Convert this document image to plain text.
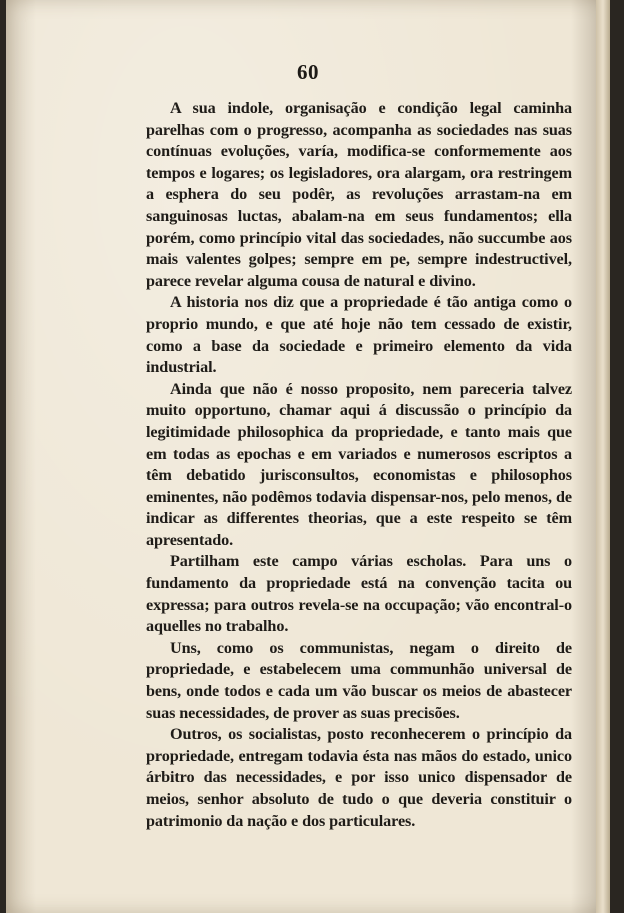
60

A sua indole, organisação e condição legal caminha parelhas com o progresso, acompanha as sociedades nas suas contínuas evoluções, varía, modifica-se conformemente aos tempos e logares; os legisladores, ora alargam, ora restringem a esphera do seu podêr, as revoluções arrastam-na em sanguinosas luctas, abalam-na em seus fundamentos; ella porém, como princípio vital das sociedades, não succumbe aos mais valentes golpes; sempre em pe, sempre indestructivel, parece revelar alguma cousa de natural e divino.

A historia nos diz que a propriedade é tão antiga como o proprio mundo, e que até hoje não tem cessado de existir, como a base da sociedade e primeiro elemento da vida industrial.

Ainda que não é nosso proposito, nem pareceria talvez muito opportuno, chamar aqui á discussão o princípio da legitimidade philosophica da propriedade, e tanto mais que em todas as epochas e em variados e numerosos escriptos a têm debatido jurisconsultos, economistas e philosophos eminentes, não podêmos todavia dispensar-nos, pelo menos, de indicar as differentes theorias, que a este respeito se têm apresentado.

Partilham este campo várias escholas. Para uns o fundamento da propriedade está na convenção tacita ou expressa; para outros revela-se na occupação; vão encontral-o aquelles no trabalho.

Uns, como os communistas, negam o direito de propriedade, e estabelecem uma communhão universal de bens, onde todos e cada um vão buscar os meios de abastecer suas necessidades, de prover as suas precisões.

Outros, os socialistas, posto reconhecerem o princípio da propriedade, entregam todavia ésta nas mãos do estado, unico árbitro das necessidades, e por isso unico dispensador de meios, senhor absoluto de tudo o que deveria constituir o patrimonio da nação e dos particulares.
